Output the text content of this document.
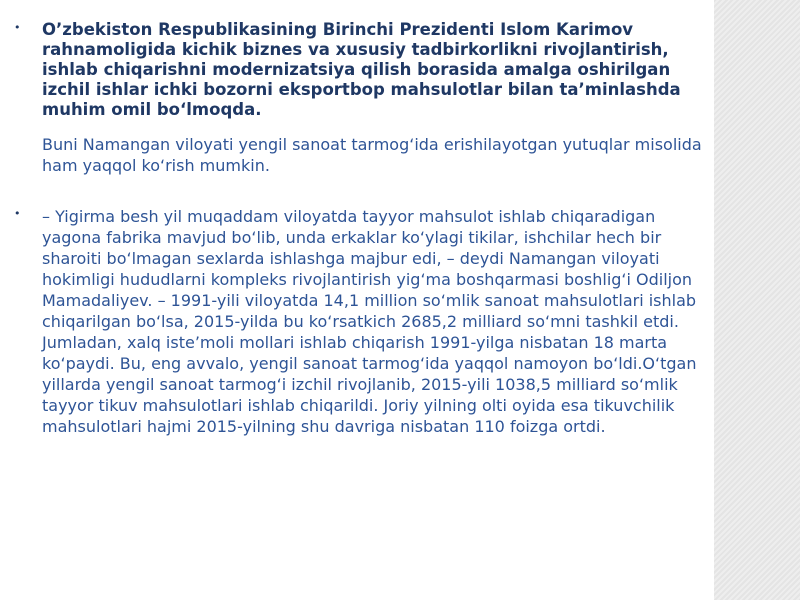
• O’zbekiston Respublikasining Birinchi Prezidenti Islom Karimov rahnamoligida kichik biznes va xususiy tadbirkorlikni rivojlantirish, ishlab chiqarishni modernizatsiya qilish borasida amalga oshirilgan izchil ishlar ichki bozorni eksportbop mahsulotlar bilan ta’minlashda muhim omil bo‘lmoqda.

Buni Namangan viloyati yengil sanoat tarmog‘ida erishilayotgan yutuqlar misolida ham yaqqol ko‘rish mumkin.

• – Yigirma besh yil muqaddam viloyatda tayyor mahsulot ishlab chiqaradigan yagona fabrika mavjud bo‘lib, unda erkaklar ko‘ylagi tikilar, ishchilar hech bir sharoiti bo‘lmagan sexlarda ishlashga majbur edi, – deydi Namangan viloyati hokimligi hududlarni kompleks rivojlantirish yig‘ma boshqarmasi boshlig‘i Odiljon Mamadaliyev. – 1991-yili viloyatda 14,1 million so‘mlik sanoat mahsulotlari ishlab chiqarilgan bo‘lsa, 2015-yilda bu ko‘rsatkich 2685,2 milliard so‘mni tashkil etdi. Jumladan, xalq iste’moli mollari ishlab chiqarish 1991-yilga nisbatan 18 marta ko‘paydi. Bu, eng avvalo, yengil sanoat tarmog‘ida yaqqol namoyon bo‘ldi.O‘tgan yillarda yengil sanoat tarmog‘i izchil rivojlanib, 2015-yili 1038,5 milliard so‘mlik tayyor tikuv mahsulotlari ishlab chiqarildi. Joriy yilning olti oyida esa tikuvchilik mahsulotlari hajmi 2015-yilning shu davriga nisbatan 110 foizga ortdi.
